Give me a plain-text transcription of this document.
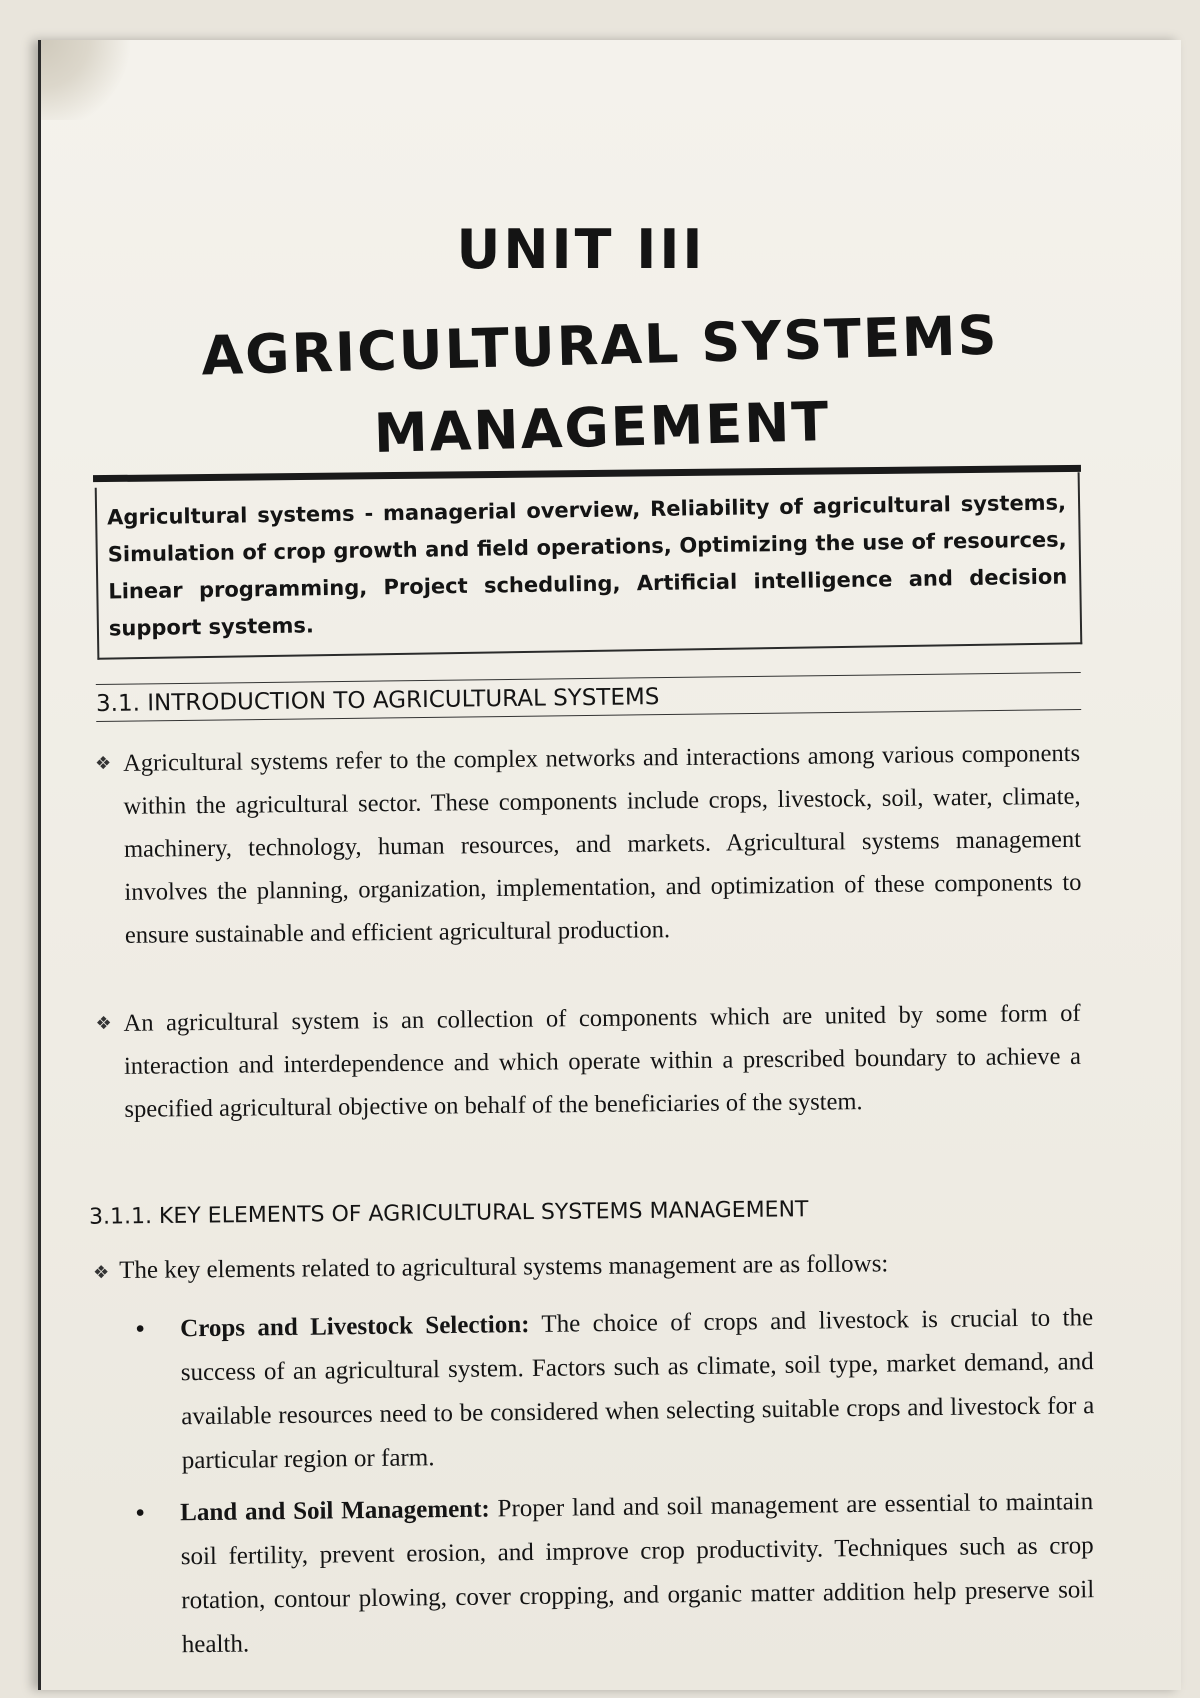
UNIT III
AGRICULTURAL SYSTEMS
MANAGEMENT
Agricultural systems - managerial overview, Reliability of agricultural systems, Simulation of crop growth and field operations, Optimizing the use of resources, Linear programming, Project scheduling, Artificial intelligence and decision support systems.
3.1. INTRODUCTION TO AGRICULTURAL SYSTEMS
❖ Agricultural systems refer to the complex networks and interactions among various components within the agricultural sector. These components include crops, livestock, soil, water, climate, machinery, technology, human resources, and markets. Agricultural systems management involves the planning, organization, implementation, and optimization of these components to ensure sustainable and efficient agricultural production.
❖ An agricultural system is an collection of components which are united by some form of interaction and interdependence and which operate within a prescribed boundary to achieve a specified agricultural objective on behalf of the beneficiaries of the system.
3.1.1. KEY ELEMENTS OF AGRICULTURAL SYSTEMS MANAGEMENT
❖ The key elements related to agricultural systems management are as follows:
• Crops and Livestock Selection: The choice of crops and livestock is crucial to the success of an agricultural system. Factors such as climate, soil type, market demand, and available resources need to be considered when selecting suitable crops and livestock for a particular region or farm.
• Land and Soil Management: Proper land and soil management are essential to maintain soil fertility, prevent erosion, and improve crop productivity. Techniques such as crop rotation, contour plowing, cover cropping, and organic matter addition help preserve soil health.
